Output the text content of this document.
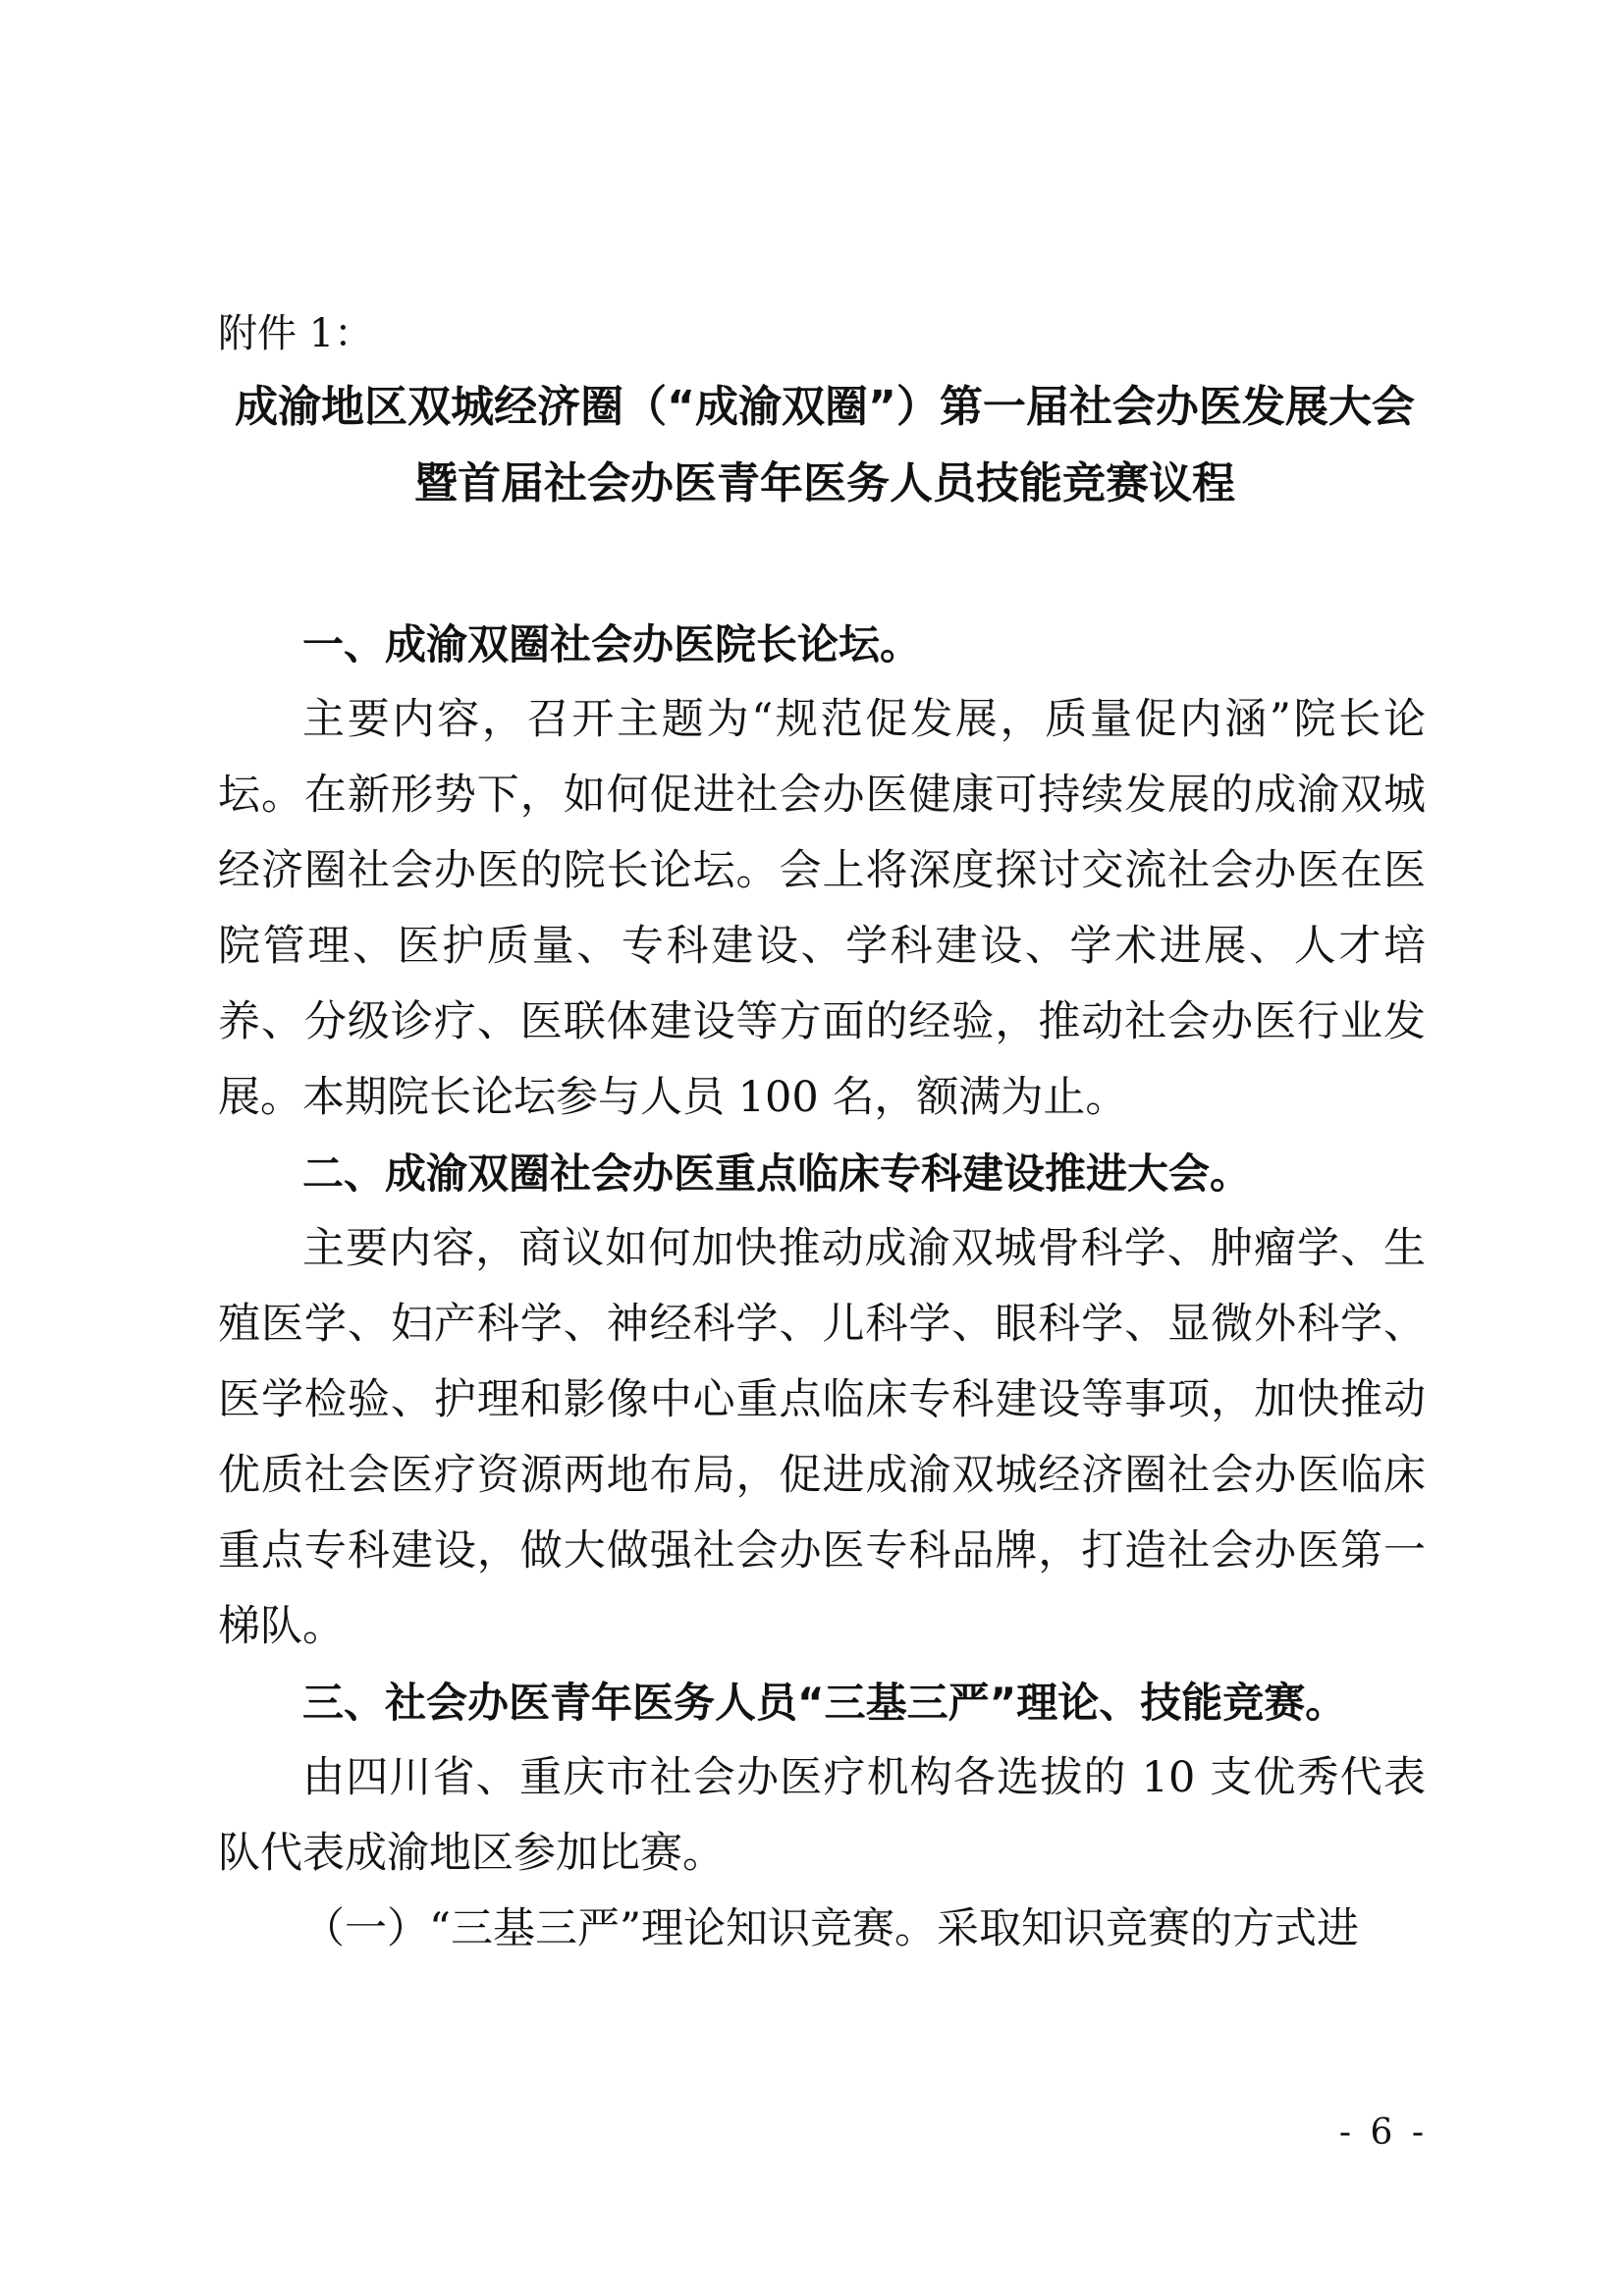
附件 1：

成渝地区双城经济圈（“成渝双圈”）第一届社会办医发展大会
暨首届社会办医青年医务人员技能竞赛议程
一、成渝双圈社会办医院长论坛。

主要内容，召开主题为“规范促发展，质量促内涵”院长论坛。在新形势下，如何促进社会办医健康可持续发展的成渝双城经济圈社会办医的院长论坛。会上将深度探讨交流社会办医在医院管理、医护质量、专科建设、学科建设、学术进展、人才培养、分级诊疗、医联体建设等方面的经验，推动社会办医行业发展。本期院长论坛参与人员 100 名，额满为止。

二、成渝双圈社会办医重点临床专科建设推进大会。

主要内容，商议如何加快推动成渝双城骨科学、肿瘤学、生殖医学、妇产科学、神经科学、儿科学、眼科学、显微外科学、医学检验、护理和影像中心重点临床专科建设等事项，加快推动优质社会医疗资源两地布局，促进成渝双城经济圈社会办医临床重点专科建设，做大做强社会办医专科品牌，打造社会办医第一梯队。

三、社会办医青年医务人员“三基三严”理论、技能竞赛。

由四川省、重庆市社会办医疗机构各选拔的 10 支优秀代表队代表成渝地区参加比赛。

（一）“三基三严”理论知识竞赛。采取知识竞赛的方式进

- 6 -
